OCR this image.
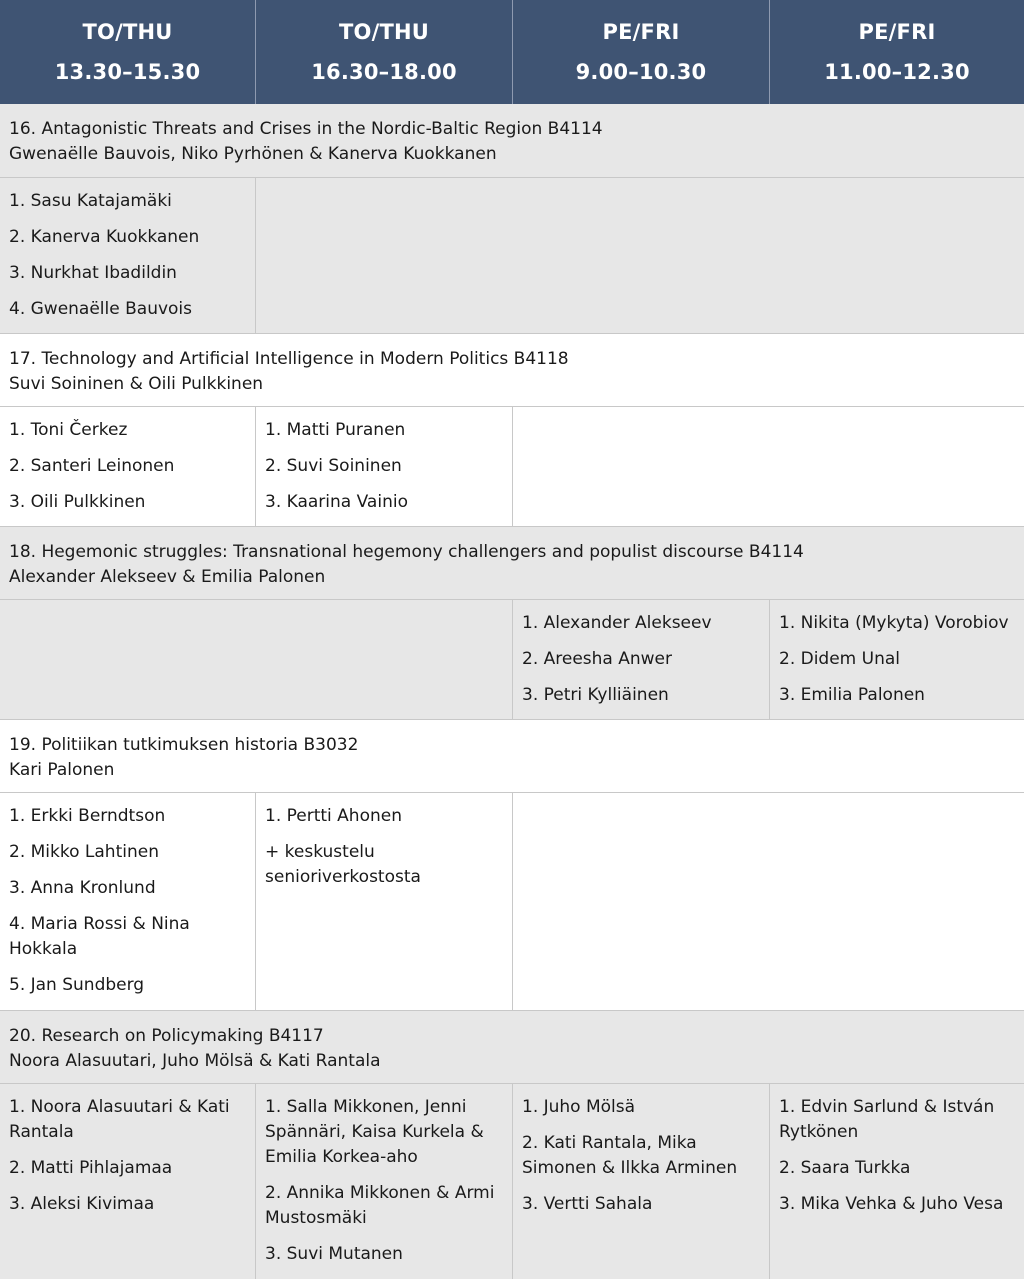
TO/THU
13.30–15.30
TO/THU
16.30–18.00
PE/FRI
9.00–10.30
PE/FRI
11.00–12.30
16. Antagonistic Threats and Crises in the Nordic-Baltic Region B4114
Gwenaëlle Bauvois, Niko Pyrhönen & Kanerva Kuokkanen
1. Sasu Katajamäki
2. Kanerva Kuokkanen
3. Nurkhat Ibadildin
4. Gwenaëlle Bauvois
17. Technology and Artificial Intelligence in Modern Politics B4118
Suvi Soininen & Oili Pulkkinen
1. Toni Čerkez
2. Santeri Leinonen
3. Oili Pulkkinen
1. Matti Puranen
2. Suvi Soininen
3. Kaarina Vainio
18. Hegemonic struggles: Transnational hegemony challengers and populist discourse B4114
Alexander Alekseev & Emilia Palonen
1. Alexander Alekseev
2. Areesha Anwer
3. Petri Kylliäinen
1. Nikita (Mykyta) Vorobiov
2. Didem Unal
3. Emilia Palonen
19. Politiikan tutkimuksen historia B3032
Kari Palonen
1. Erkki Berndtson
2. Mikko Lahtinen
3. Anna Kronlund
4. Maria Rossi & Nina Hokkala
5. Jan Sundberg
1. Pertti Ahonen
+ keskustelu senioriverkostosta
20. Research on Policymaking B4117
Noora Alasuutari, Juho Mölsä & Kati Rantala
1. Noora Alasuutari & Kati Rantala
2. Matti Pihlajamaa
3. Aleksi Kivimaa
1. Salla Mikkonen, Jenni Spännäri, Kaisa Kurkela & Emilia Korkea-aho
2. Annika Mikkonen & Armi Mustosmäki
3. Suvi Mutanen
1. Juho Mölsä
2. Kati Rantala, Mika Simonen & Ilkka Arminen
3. Vertti Sahala
1. Edvin Sarlund & István Rytkönen
2. Saara Turkka
3. Mika Vehka & Juho Vesa
